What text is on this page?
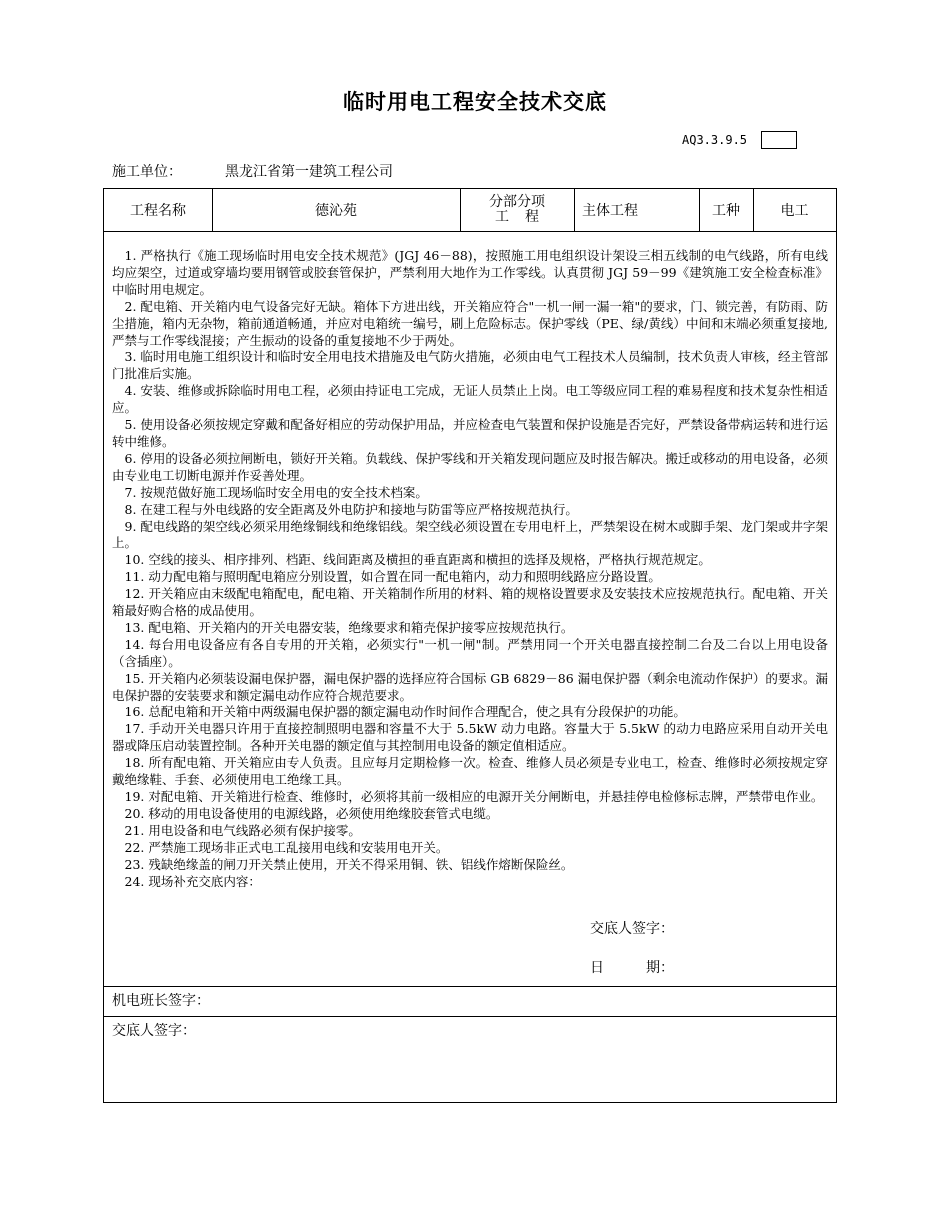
临时用电工程安全技术交底
AQ3.3.9.5
施工单位：	黑龙江省第一建筑工程公司
工程名称	德沁苑
分部分项
工 程	主体工程	工种	电工

1. 严格执行《施工现场临时用电安全技术规范》(JGJ 46－88)，按照施工用电组织设计架设三相五线制的电气线路，所有电线均应架空，过道或穿墙均要用钢管或胶套管保护，严禁利用大地作为工作零线。认真贯彻 JGJ 59－99《建筑施工安全检查标准》中临时用电规定。

2. 配电箱、开关箱内电气设备完好无缺。箱体下方进出线，开关箱应符合"一机一闸一漏一箱"的要求，门、锁完善，有防雨、防尘措施，箱内无杂物，箱前通道畅通，并应对电箱统一编号，刷上危险标志。保护零线（PE、绿/黄线）中间和末端必须重复接地,严禁与工作零线混接；产生振动的设备的重复接地不少于两处。

3. 临时用电施工组织设计和临时安全用电技术措施及电气防火措施，必须由电气工程技术人员编制，技术负责人审核，经主管部门批准后实施。

4. 安装、维修或拆除临时用电工程，必须由持证电工完成，无证人员禁止上岗。电工等级应同工程的难易程度和技术复杂性相适应。

5. 使用设备必须按规定穿戴和配备好相应的劳动保护用品，并应检查电气装置和保护设施是否完好，严禁设备带病运转和进行运转中维修。

6. 停用的设备必须拉闸断电，锁好开关箱。负载线、保护零线和开关箱发现问题应及时报告解决。搬迁或移动的用电设备，必须由专业电工切断电源并作妥善处理。

7. 按规范做好施工现场临时安全用电的安全技术档案。

8. 在建工程与外电线路的安全距离及外电防护和接地与防雷等应严格按规范执行。

9. 配电线路的架空线必须采用绝缘铜线和绝缘铝线。架空线必须设置在专用电杆上，严禁架设在树木或脚手架、龙门架或井字架上。

10. 空线的接头、相序排列、档距、线间距离及横担的垂直距离和横担的选择及规格，严格执行规范规定。

11. 动力配电箱与照明配电箱应分别设置，如合置在同一配电箱内，动力和照明线路应分路设置。

12. 开关箱应由末级配电箱配电，配电箱、开关箱制作所用的材料、箱的规格设置要求及安装技术应按规范执行。配电箱、开关箱最好购合格的成品使用。

13. 配电箱、开关箱内的开关电器安装，绝缘要求和箱壳保护接零应按规范执行。

14. 每台用电设备应有各自专用的开关箱，必须实行"一机一闸"制。严禁用同一个开关电器直接控制二台及二台以上用电设备（含插座）。

15. 开关箱内必须装设漏电保护器，漏电保护器的选择应符合国标 GB 6829－86 漏电保护器（剩余电流动作保护）的要求。漏电保护器的安装要求和额定漏电动作应符合规范要求。

16. 总配电箱和开关箱中两级漏电保护器的额定漏电动作时间作合理配合，使之具有分段保护的功能。

17. 手动开关电器只许用于直接控制照明电器和容量不大于 5.5kW 动力电路。容量大于 5.5kW 的动力电路应采用自动开关电器或降压启动装置控制。各种开关电器的额定值与其控制用电设备的额定值相适应。

18. 所有配电箱、开关箱应由专人负责。且应每月定期检修一次。检查、维修人员必须是专业电工，检查、维修时必须按规定穿戴绝缘鞋、手套、必须使用电工绝缘工具。

19. 对配电箱、开关箱进行检查、维修时，必须将其前一级相应的电源开关分闸断电，并悬挂停电检修标志牌，严禁带电作业。

20. 移动的用电设备使用的电源线路，必须使用绝缘胶套管式电缆。

21. 用电设备和电气线路必须有保护接零。

22. 严禁施工现场非正式电工乱接用电线和安装用电开关。

23. 残缺绝缘盖的闸刀开关禁止使用，开关不得采用铜、铁、铝线作熔断保险丝。

24. 现场补充交底内容：

交底人签字：
日	期：
机电班长签字：
交底人签字：
